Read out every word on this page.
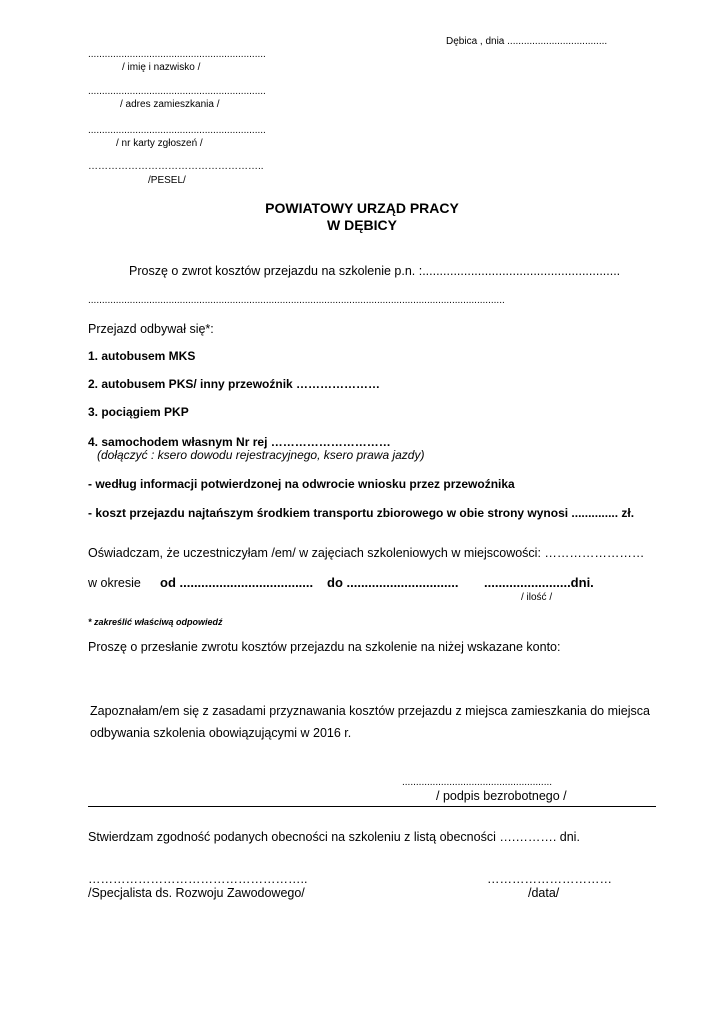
Dębica , dnia ....................................
................................................................
/ imię i nazwisko /
................................................................
/ adres zamieszkania /
................................................................
/ nr karty zgłoszeń /
……………………………………………..
/PESEL/
POWIATOWY URZĄD PRACY
W DĘBICY
Proszę o zwrot kosztów przejazdu na szkolenie p.n. :.........................................................
......................................................................................................................................................
Przejazd odbywał się*:
1. autobusem MKS
2. autobusem PKS/ inny przewoźnik …………………
3. pociągiem PKP
4. samochodem własnym Nr rej …………………………
(dołączyć : ksero dowodu rejestracyjnego, ksero prawa jazdy)
- według informacji potwierdzonej na odwrocie wniosku przez przewoźnika
- koszt przejazdu najtańszym środkiem transportu zbiorowego w obie strony wynosi .............. zł.
Oświadczam, że uczestniczyłam /em/ w zajęciach szkoleniowych w miejscowości: ……………………
w okresie od ..................................... do ............................... ........................dni.
/ ilość /
* zakreślić właściwą odpowiedź
Proszę o przesłanie zwrotu kosztów przejazdu na szkolenie na niżej wskazane konto:
Zapoznałam/em się z zasadami przyznawania kosztów przejazdu z miejsca zamieszkania do miejsca
odbywania szkolenia obowiązującymi w 2016 r.
......................................................
/ podpis bezrobotnego /
Stwierdzam zgodność podanych obecności na szkoleniu z listą obecności ….………. dni.
……………………………………………..
/Specjalista ds. Rozwoju Zawodowego/
…………………………
/data/
